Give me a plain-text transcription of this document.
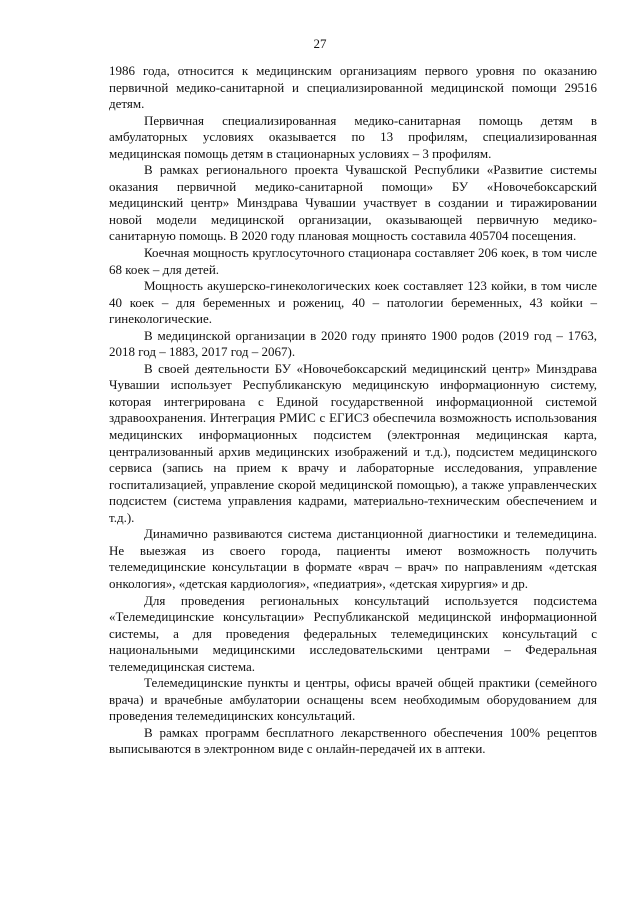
27

1986 года, относится к медицинским организациям первого уровня по оказанию первичной медико-санитарной и специализированной медицинской помощи 29516 детям.

Первичная специализированная медико-санитарная помощь детям в амбулаторных условиях оказывается по 13 профилям, специализированная медицинская помощь детям в стационарных условиях – 3 профилям.

В рамках регионального проекта Чувашской Республики «Развитие системы оказания первичной медико-санитарной помощи» БУ «Новочебоксарский медицинский центр» Минздрава Чувашии участвует в создании и тиражировании новой модели медицинской организации, оказывающей первичную медико-санитарную помощь. В 2020 году плановая мощность составила 405704 посещения.

Коечная мощность круглосуточного стационара составляет 206 коек, в том числе 68 коек – для детей.

Мощность акушерско-гинекологических коек составляет 123 койки, в том числе 40 коек – для беременных и рожениц, 40 – патологии беременных, 43 койки – гинекологические.

В медицинской организации в 2020 году принято 1900 родов (2019 год – 1763, 2018 год – 1883, 2017 год – 2067).

В своей деятельности БУ «Новочебоксарский медицинский центр» Минздрава Чувашии использует Республиканскую медицинскую информационную систему, которая интегрирована с Единой государственной информационной системой здравоохранения. Интеграция РМИС с ЕГИСЗ обеспечила возможность использования медицинских информационных подсистем (электронная медицинская карта, централизованный архив медицинских изображений и т.д.), подсистем медицинского сервиса (запись на прием к врачу и лабораторные исследования, управление госпитализацией, управление скорой медицинской помощью), а также управленческих подсистем (система управления кадрами, материально-техническим обеспечением и т.д.).

Динамично развиваются система дистанционной диагностики и телемедицина. Не выезжая из своего города, пациенты имеют возможность получить телемедицинские консультации в формате «врач – врач» по направлениям «детская онкология», «детская кардиология», «педиатрия», «детская хирургия» и др.

Для проведения региональных консультаций используется подсистема «Телемедицинские консультации» Республиканской медицинской информационной системы, а для проведения федеральных телемедицинских консультаций с национальными медицинскими исследовательскими центрами – Федеральная телемедицинская система.

Телемедицинские пункты и центры, офисы врачей общей практики (семейного врача) и врачебные амбулатории оснащены всем необходимым оборудованием для проведения телемедицинских консультаций.

В рамках программ бесплатного лекарственного обеспечения 100% рецептов выписываются в электронном виде с онлайн-передачей их в аптеки.
